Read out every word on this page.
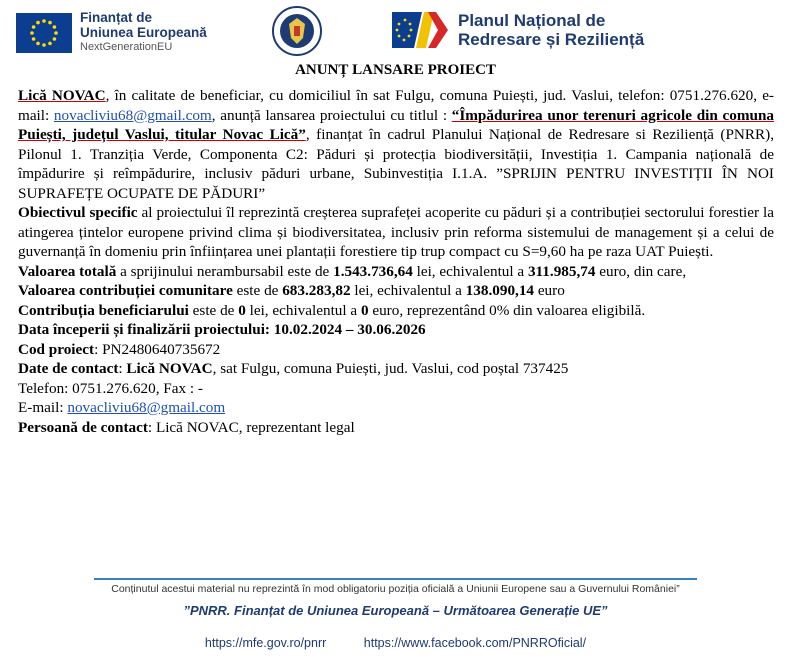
Finanțat de
Uniunea Europeană
NextGenerationEU
Planul Național de
Redresare și Reziliență
ANUNȚ LANSARE PROIECT

Lică NOVAC, în calitate de beneficiar, cu domiciliul în sat Fulgu, comuna Puiești, jud. Vaslui, telefon: 0751.276.620, e-mail: novacliviu68@gmail.com, anunță lansarea proiectului cu titlul : “Împădurirea unor terenuri agricole din comuna Puiești, județul Vaslui, titular Novac Lică”, finanțat în cadrul Planului Național de Redresare si Reziliență (PNRR), Pilonul 1. Tranziția Verde, Componenta C2: Păduri și protecția biodiversității, Investiția 1. Campania națională de împădurire și reîmpădurire, inclusiv păduri urbane, Subinvestiția I.1.A. ”SPRIJIN PENTRU INVESTIȚII ÎN NOI SUPRAFEȚE OCUPATE DE PĂDURI”

Obiectivul specific al proiectului îl reprezintă creșterea suprafeței acoperite cu păduri și a contribuției sectorului forestier la atingerea țintelor europene privind clima și biodiversitatea, inclusiv prin reforma sistemului de management și a celui de guvernanță în domeniu prin înființarea unei plantații forestiere tip trup compact cu S=9,60 ha pe raza UAT Puiești.

Valoarea totală a sprijinului nerambursabil este de 1.543.736,64 lei, echivalentul a 311.985,74 euro, din care,

Valoarea contribuției comunitare este de 683.283,82 lei, echivalentul a 138.090,14 euro

Contribuția beneficiarului este de 0 lei, echivalentul a 0 euro, reprezentând 0% din valoarea eligibilă.

Data începerii și finalizării proiectului: 10.02.2024 – 30.06.2026

Cod proiect: PN2480640735672

Date de contact: Lică NOVAC, sat Fulgu, comuna Puiești, jud. Vaslui, cod poștal 737425

Telefon: 0751.276.620, Fax : -

E-mail: novacliviu68@gmail.com

Persoană de contact: Lică NOVAC, reprezentant legal

Conținutul acestui material nu reprezintă în mod obligatoriu poziția oficială a Uniunii Europene sau a Guvernului României”
”PNRR. Finanțat de Uniunea Europeană – Următoarea Generație UE”
https://mfe.gov.ro/pnrr	https://www.facebook.com/PNRROficial/
